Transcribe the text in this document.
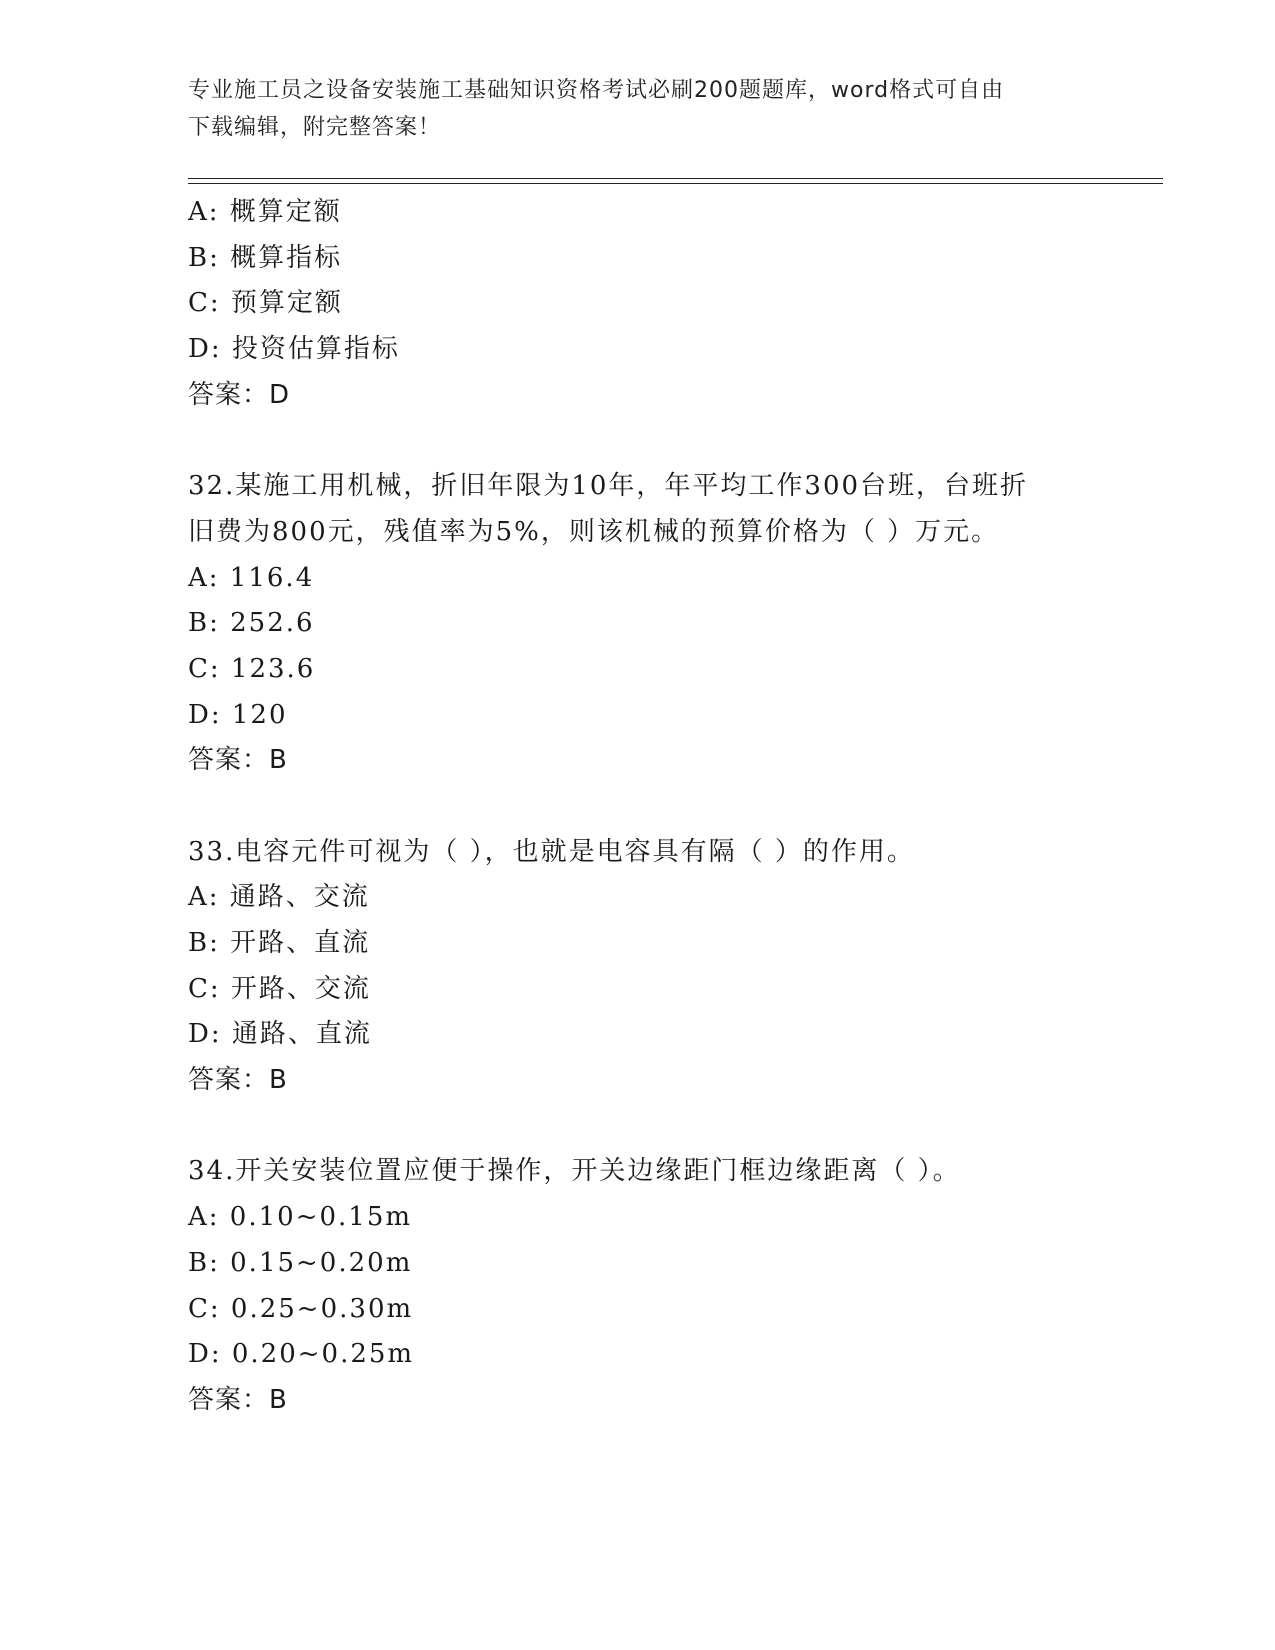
专业施工员之设备安装施工基础知识资格考试必刷200题题库，word格式可自由
下载编辑，附完整答案！
A: 概算定额
B: 概算指标
C: 预算定额
D: 投资估算指标
答案：D
32.某施工用机械，折旧年限为10年，年平均工作300台班，台班折
旧费为800元，残值率为5%，则该机械的预算价格为（ ）万元。
A: 116.4
B: 252.6
C: 123.6
D: 120
答案：B
33.电容元件可视为（ ），也就是电容具有隔（ ）的作用。
A: 通路、交流
B: 开路、直流
C: 开路、交流
D: 通路、直流
答案：B
34.开关安装位置应便于操作，开关边缘距门框边缘距离（ ）。
A: 0.10~0.15m
B: 0.15~0.20m
C: 0.25~0.30m
D: 0.20~0.25m
答案：B
